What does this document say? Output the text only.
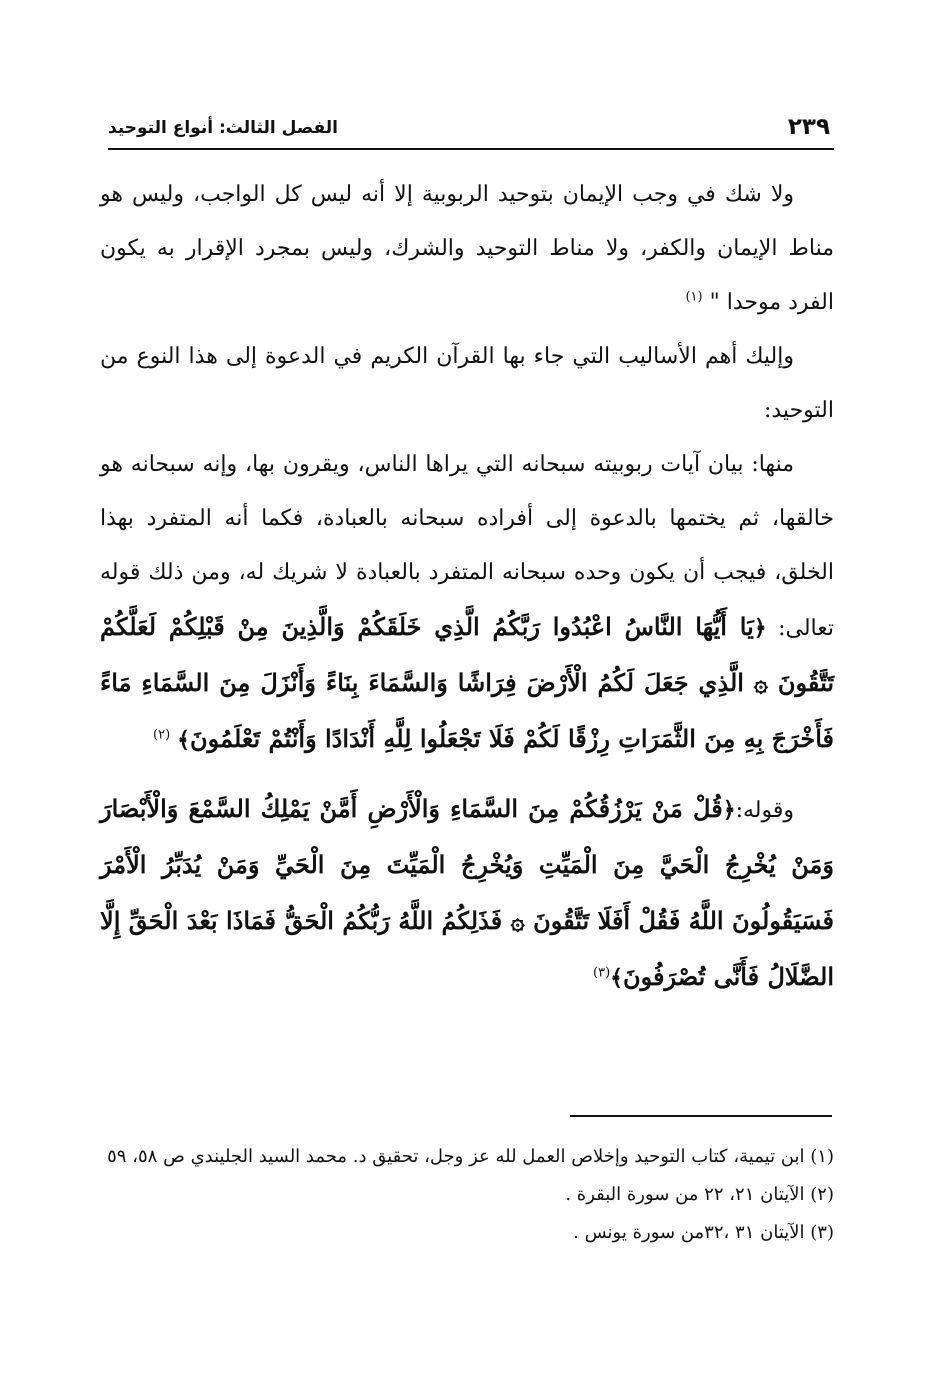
٢٣٩
الفصل الثالث: أنواع التوحيد

ولا شك في وجب الإيمان بتوحيد الربوبية إلا أنه ليس كل الواجب، وليس هو مناط الإيمان والكفر، ولا مناط التوحيد والشرك، وليس بمجرد الإقرار به يكون الفرد موحدا " $^{(١)}$

وإليك أهم الأساليب التي جاء بها القرآن الكريم في الدعوة إلى هذا النوع من التوحيد:

منها: بيان آيات ربوبيته سبحانه التي يراها الناس، ويقرون بها، وإنه سبحانه هو خالقها، ثم يختمها بالدعوة إلى أفراده سبحانه بالعبادة، فكما أنه المتفرد بهذا الخلق، فيجب أن يكون وحده سبحانه المتفرد بالعبادة لا شريك له، ومن ذلك قوله تعالى: ﴿يَا أَيُّهَا النَّاسُ اعْبُدُوا رَبَّكُمُ الَّذِي خَلَقَكُمْ وَالَّذِينَ مِنْ قَبْلِكُمْ لَعَلَّكُمْ تَتَّقُونَ ۞ الَّذِي جَعَلَ لَكُمُ الْأَرْضَ فِرَاشًا وَالسَّمَاءَ بِنَاءً وَأَنْزَلَ مِنَ السَّمَاءِ مَاءً فَأَخْرَجَ بِهِ مِنَ الثَّمَرَاتِ رِزْقًا لَكُمْ فَلَا تَجْعَلُوا لِلَّهِ أَنْدَادًا وَأَنْتُمْ تَعْلَمُونَ﴾ $^{(٢)}$

وقوله:﴿قُلْ مَنْ يَرْزُقُكُمْ مِنَ السَّمَاءِ وَالْأَرْضِ أَمَّنْ يَمْلِكُ السَّمْعَ وَالْأَبْصَارَ وَمَنْ يُخْرِجُ الْحَيَّ مِنَ الْمَيِّتِ وَيُخْرِجُ الْمَيِّتَ مِنَ الْحَيِّ وَمَنْ يُدَبِّرُ الْأَمْرَ فَسَيَقُولُونَ اللَّهُ فَقُلْ أَفَلَا تَتَّقُونَ ۞ فَذَلِكُمُ اللَّهُ رَبُّكُمُ الْحَقُّ فَمَاذَا بَعْدَ الْحَقِّ إِلَّا الضَّلَالُ فَأَنَّى تُصْرَفُونَ﴾$^{(٣)}$

(١) ابن تيمية، كتاب التوحيد وإخلاص العمل لله عز وجل، تحقيق د. محمد السيد الجليندي ص ٥٨، ٥٩

(٢) الآيتان ٢١، ٢٢ من سورة البقرة .

(٣) الآيتان ٣١ ،٣٢من سورة يونس .
